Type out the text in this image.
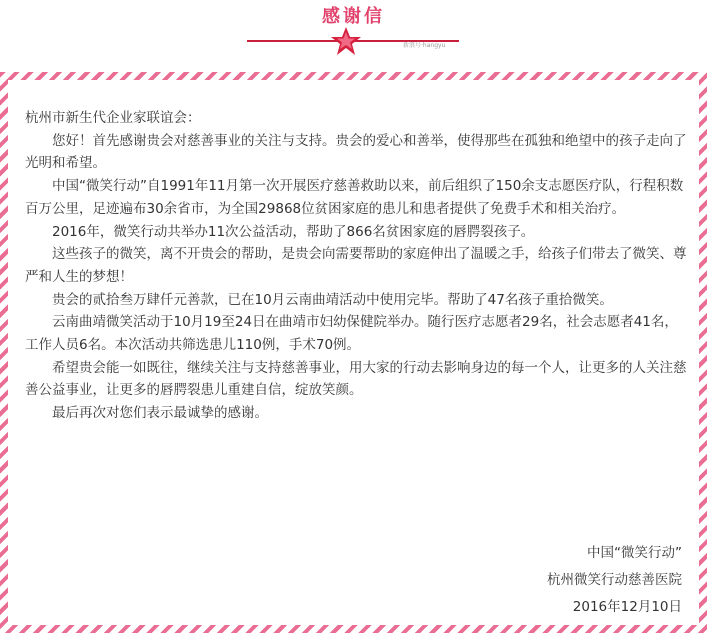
感谢信
新浪号·hangyu

杭州市新生代企业家联谊会：

您好！首先感谢贵会对慈善事业的关注与支持。贵会的爱心和善举，使得那些在孤独和绝望中的孩子走向了光明和希望。

中国“微笑行动”自1991年11月第一次开展医疗慈善救助以来，前后组织了150余支志愿医疗队，行程积数百万公里，足迹遍布30余省市，为全国29868位贫困家庭的患儿和患者提供了免费手术和相关治疗。

2016年，微笑行动共举办11次公益活动，帮助了866名贫困家庭的唇腭裂孩子。

这些孩子的微笑，离不开贵会的帮助，是贵会向需要帮助的家庭伸出了温暖之手，给孩子们带去了微笑、尊严和人生的梦想！

贵会的贰拾叁万肆仟元善款，已在10月云南曲靖活动中使用完毕。帮助了47名孩子重拾微笑。

云南曲靖微笑活动于10月19至24日在曲靖市妇幼保健院举办。随行医疗志愿者29名，社会志愿者41名，工作人员6名。本次活动共筛选患儿110例，手术70例。

希望贵会能一如既往，继续关注与支持慈善事业，用大家的行动去影响身边的每一个人，让更多的人关注慈善公益事业，让更多的唇腭裂患儿重建自信，绽放笑颜。

最后再次对您们表示最诚挚的感谢。

中国“微笑行动”
杭州微笑行动慈善医院
2016年12月10日
